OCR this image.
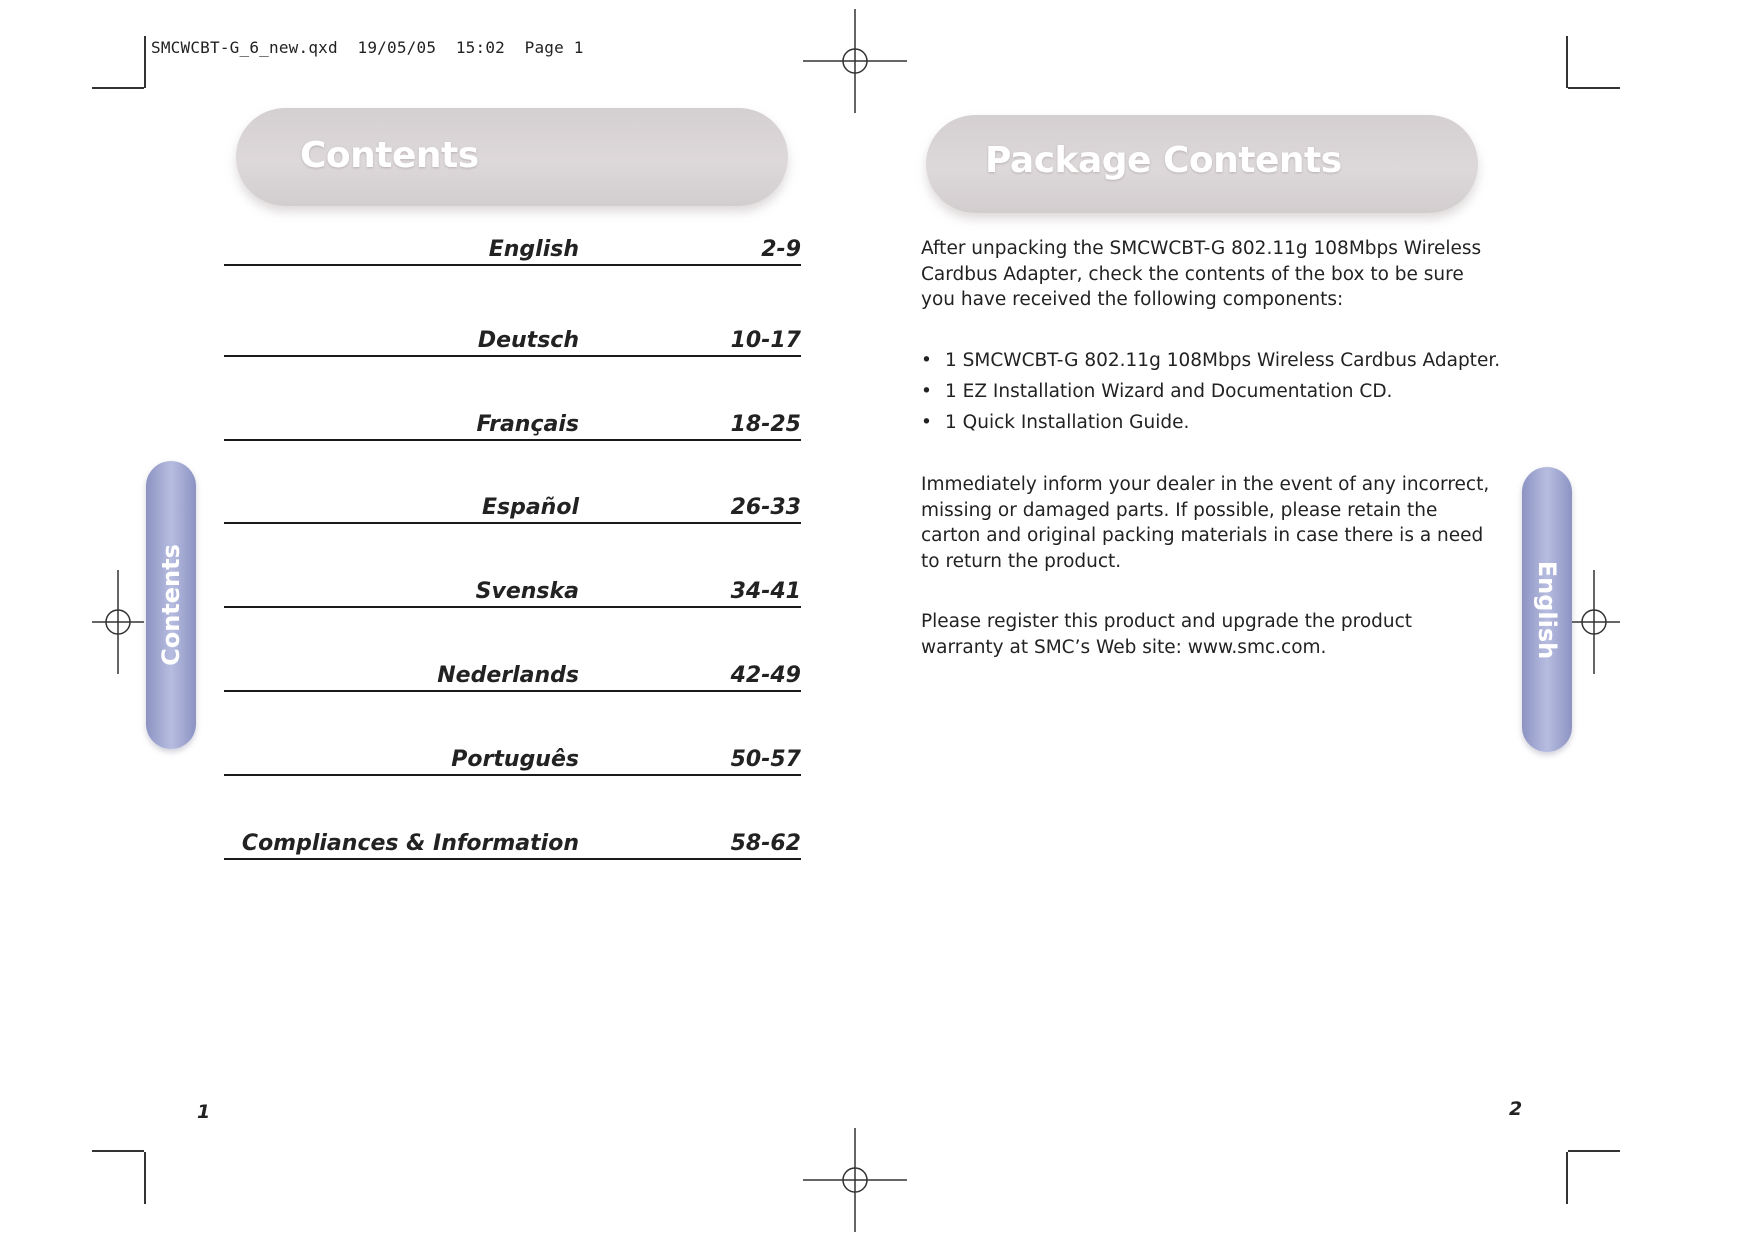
SMCWCBT-G_6_new.qxd  19/05/05  15:02  Page 1
Contents
English	2-9
Deutsch	10-17
Français	18-25
Español	26-33
Svenska	34-41
Nederlands	42-49
Português	50-57
Compliances & Information	58-62
Contents
1
Package Contents
After unpacking the SMCWCBT-G 802.11g 108Mbps Wireless Cardbus Adapter, check the contents of the box to be sure you have received the following components:
• 1 SMCWCBT-G 802.11g 108Mbps Wireless Cardbus Adapter.
• 1 EZ Installation Wizard and Documentation CD.
• 1 Quick Installation Guide.
Immediately inform your dealer in the event of any incorrect, missing or damaged parts. If possible, please retain the carton and original packing materials in case there is a need to return the product.
Please register this product and upgrade the product warranty at SMC’s Web site: www.smc.com.	English
2
